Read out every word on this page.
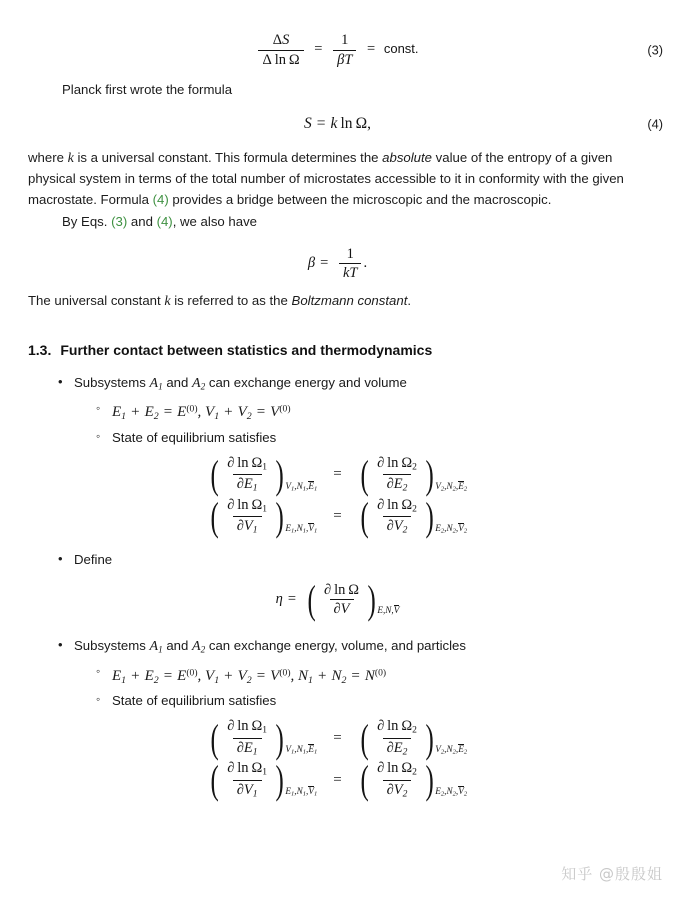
$\frac{\Delta S}{\text{Δ  ln  Ω}} = \frac{1}{\beta T}$ = const.	(3)

Planck first wrote the formula

S = k  ln  Ω,	(4)

where k is a universal constant. This formula determines the absolute value of the entropy of a given physical system in terms of the total number of microstates accessible to it in conformity with the given macrostate. Formula (4) provides a bridge between the microscopic and the macroscopic.

By Eqs. (3) and (4), we also have

$\beta = \frac{1}{kT}$ .

The universal constant k is referred to as the Boltzmann constant.

1.3. Further contact between statistics and thermodynamics
• Subsystems $A_1$ and $A_2$ can exchange energy and volume
◦ $E_1 + E_2 = E^{(0)}$, $V_1 + V_2 = V^{(0)}$
◦ State of equilibrium satisfies
( $\frac{\partial \ln \Omega_1}{\partial E_1}$ ) $V_1,N_1,E_1$
= ( $\frac{\partial \ln \Omega_2}{\partial E_2}$ ) $V_2,N_2,E_2$
( $\frac{\partial \ln \Omega_1}{\partial V_1}$ ) $E_1,N_1,V_1$
= ( $\frac{\partial \ln \Omega_2}{\partial V_2}$ ) $E_2,N_2,V_2$
• Define
η = ( $\frac{\text{∂  ln  Ω}}{\partial V}$ ) E,N,V
• Subsystems $A_1$ and $A_2$ can exchange energy, volume, and particles
◦ $E_1 + E_2 = E^{(0)}$, $V_1 + V_2 = V^{(0)}$, $N_1 + N_2 = N^{(0)}$
◦ State of equilibrium satisfies
( $\frac{\partial \ln \Omega_1}{\partial E_1}$ ) $V_1,N_1,E_1$
= ( $\frac{\partial \ln \Omega_2}{\partial E_2}$ ) $V_2,N_2,E_2$
( $\frac{\partial \ln \Omega_1}{\partial V_1}$ ) $E_1,N_1,V_1$
= ( $\frac{\partial \ln \Omega_2}{\partial V_2}$ ) $E_2,N_2,V_2$
知乎 @殷殷姐
